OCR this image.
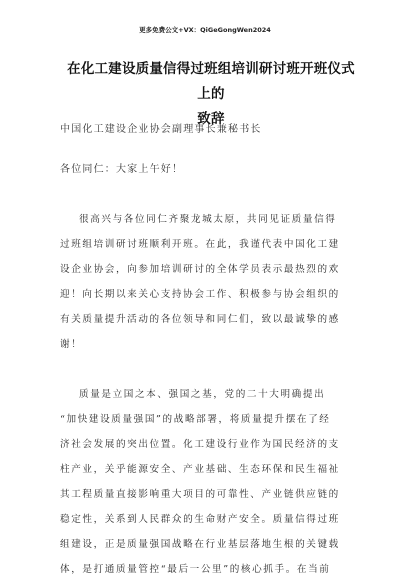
更多免费公文+VX：QiGeGongWen2024
在化工建设质量信得过班组培训研讨班开班仪式上的
致辞
中国化工建设企业协会副理事长兼秘书长
各位同仁：大家上午好！
很高兴与各位同仁齐聚龙城太原，共同见证质量信得
过班组培训研讨班顺利开班。在此，我谨代表中国化工建
设企业协会，向参加培训研讨的全体学员表示最热烈的欢
迎！向长期以来关心支持协会工作、积极参与协会组织的
有关质量提升活动的各位领导和同仁们，致以最诚挚的感
谢！
质量是立国之本、强国之基，党的二十大明确提出
“加快建设质量强国”的战略部署，将质量提升摆在了经
济社会发展的突出位置。化工建设行业作为国民经济的支
柱产业，关乎能源安全、产业基础、生态环保和民生福祉
其工程质量直接影响重大项目的可靠性、产业链供应链的
稳定性，关系到人民群众的生命财产安全。质量信得过班
组建设，正是质量强国战略在行业基层落地生根的关键载
体，是打通质量管控“最后一公里”的核心抓手。在当前
